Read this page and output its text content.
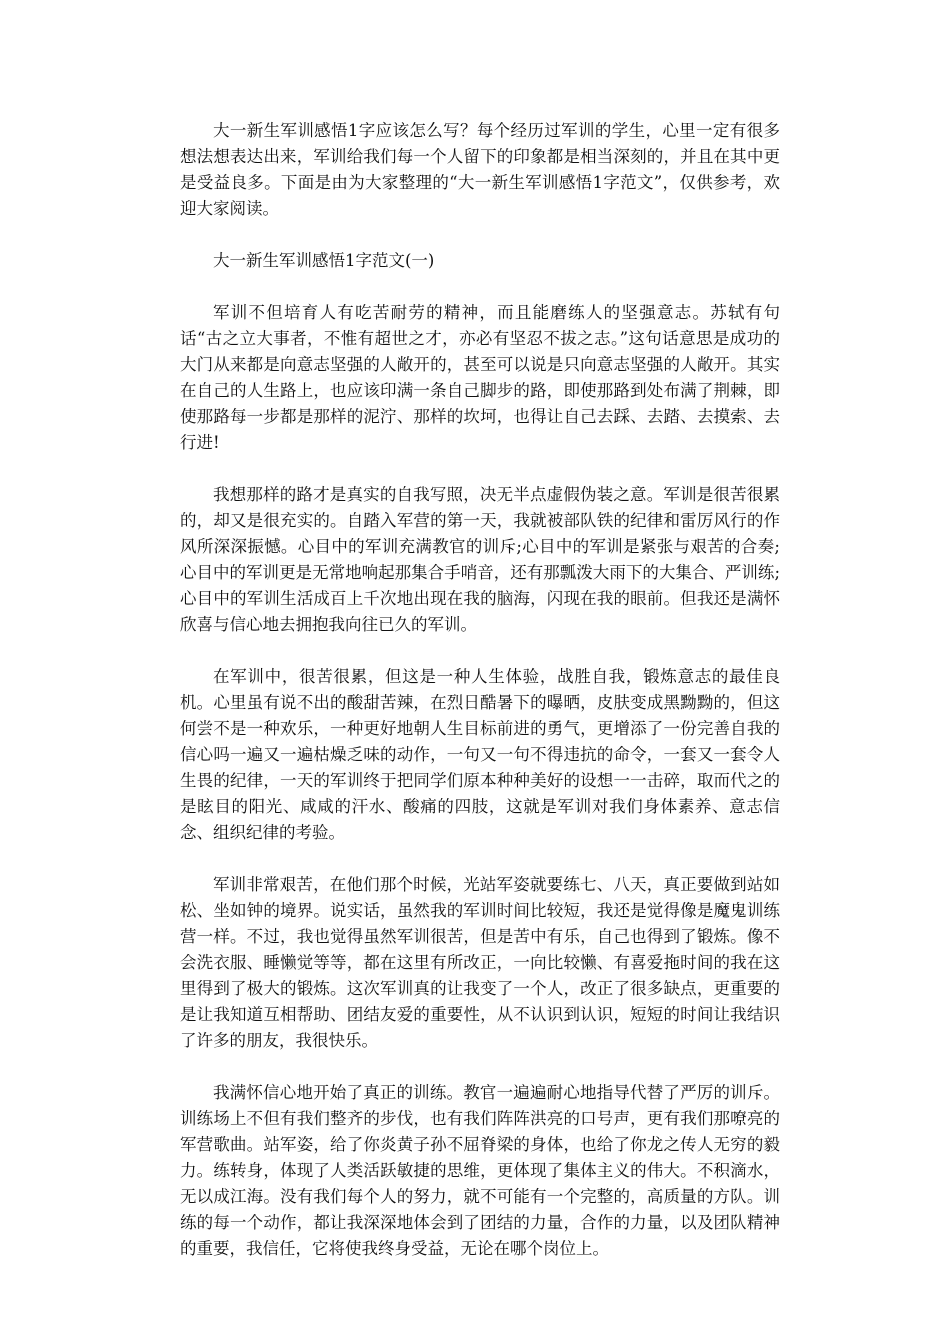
大一新生军训感悟1字应该怎么写？每个经历过军训的学生，心里一定有很多想法想表达出来，军训给我们每一个人留下的印象都是相当深刻的，并且在其中更是受益良多。下面是由为大家整理的“大一新生军训感悟1字范文”，仅供参考，欢迎大家阅读。

大一新生军训感悟1字范文(一)

军训不但培育人有吃苦耐劳的精神，而且能磨练人的坚强意志。苏轼有句话“古之立大事者，不惟有超世之才，亦必有坚忍不拔之志。”这句话意思是成功的大门从来都是向意志坚强的人敞开的，甚至可以说是只向意志坚强的人敞开。其实在自己的人生路上，也应该印满一条自己脚步的路，即使那路到处布满了荆棘，即使那路每一步都是那样的泥泞、那样的坎坷，也得让自己去踩、去踏、去摸索、去行进!

我想那样的路才是真实的自我写照，决无半点虚假伪装之意。军训是很苦很累的，却又是很充实的。自踏入军营的第一天，我就被部队铁的纪律和雷厉风行的作风所深深振憾。心目中的军训充满教官的训斥;心目中的军训是紧张与艰苦的合奏;心目中的军训更是无常地响起那集合手哨音，还有那瓢泼大雨下的大集合、严训练;心目中的军训生活成百上千次地出现在我的脑海，闪现在我的眼前。但我还是满怀欣喜与信心地去拥抱我向往已久的军训。

在军训中，很苦很累，但这是一种人生体验，战胜自我，锻炼意志的最佳良机。心里虽有说不出的酸甜苦辣，在烈日酷暑下的曝晒，皮肤变成黑黝黝的，但这何尝不是一种欢乐，一种更好地朝人生目标前进的勇气，更增添了一份完善自我的信心吗一遍又一遍枯燥乏味的动作，一句又一句不得违抗的命令，一套又一套令人生畏的纪律，一天的军训终于把同学们原本种种美好的设想一一击碎，取而代之的是眩目的阳光、咸咸的汗水、酸痛的四肢，这就是军训对我们身体素养、意志信念、组织纪律的考验。

军训非常艰苦，在他们那个时候，光站军姿就要练七、八天，真正要做到站如松、坐如钟的境界。说实话，虽然我的军训时间比较短，我还是觉得像是魔鬼训练营一样。不过，我也觉得虽然军训很苦，但是苦中有乐，自己也得到了锻炼。像不会洗衣服、睡懒觉等等，都在这里有所改正，一向比较懒、有喜爱拖时间的我在这里得到了极大的锻炼。这次军训真的让我变了一个人，改正了很多缺点，更重要的是让我知道互相帮助、团结友爱的重要性，从不认识到认识，短短的时间让我结识了许多的朋友，我很快乐。

我满怀信心地开始了真正的训练。教官一遍遍耐心地指导代替了严厉的训斥。训练场上不但有我们整齐的步伐，也有我们阵阵洪亮的口号声，更有我们那嘹亮的军营歌曲。站军姿，给了你炎黄子孙不屈脊梁的身体，也给了你龙之传人无穷的毅力。练转身，体现了人类活跃敏捷的思维，更体现了集体主义的伟大。不积滴水，无以成江海。没有我们每个人的努力，就不可能有一个完整的，高质量的方队。训练的每一个动作，都让我深深地体会到了团结的力量，合作的力量，以及团队精神的重要，我信任，它将使我终身受益，无论在哪个岗位上。
